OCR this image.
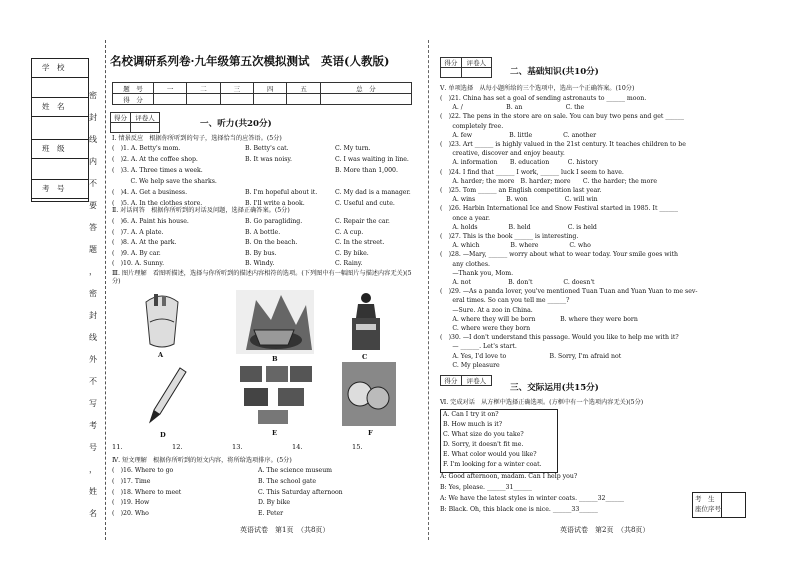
学　校
姓　名
班　级
考　号
密
封
线
内
不
要
答
题
，
密
封
线
外
不
写
考
号
，
姓
名
名校调研系列卷·九年级第五次模拟测试　英语(人教版)
题　号	一	二	三	四	五	总　分
得　分						
得分	评卷人

一、听力(共20分)
Ⅰ. 情景反应　根据你所听到的句子，选择恰当的应答语。(5分)
(　)1. A. Betty's mom.	B. Betty's cat.	C. My turn.
(　)2. A. At the coffee shop.	B. It was noisy.	C. I was waiting in line.
(　)3. A. Three times a week.	B. More than 1,000.
　　　C. We help save the sharks.
(　)4. A. Get a business.	B. I'm hopeful about it.	C. My dad is a manager.
(　)5. A. In the clothes store.	B. I'll write a book.	C. Useful and cute.
Ⅱ. 对话问答　根据你所听到的对话及问题，选择正确答案。(5分)
(　)6. A. Paint his house.	B. Go paragliding.	C. Repair the car.
(　)7. A. A plate.	B. A bottle.	C. A cup.
(　)8. A. At the park.	B. On the beach.	C. In the street.
(　)9. A. By car.	B. By bus.	C. By bike.
(　)10. A. Sunny.	B. Windy.	C. Rainy.
Ⅲ. 图片理解　看图听描述，选择与你所听到的描述内容相符的选项。(下列图中有一幅图片与描述内容无关)(5分)
A	B	C
D	E	F
11.	12.	13.	14.	15.
Ⅳ. 短文理解　根据你所听到的短文内容，将所给选项排序。(5分)
(　)16. Where to go	A. The science museum
(　)17. Time	B. The school gate
(　)18. Where to meet	C. This Saturday afternoon
(　)19. How	D. By bike
(　)20. Who	E. Peter
英语试卷　第1页　（共8页）
得分	评卷人

二、基础知识(共10分)
Ⅴ. 单项选择　从每小题所给的三个选项中，选出一个正确答案。(10分)
(　)21. China has set a goal of sending astronauts to ______ moon.
　　A. /　　　　　　　B. an　　　　　　　C. the
(　)22. The pens in the store are on sale. You can buy two pens and get ______
　　completely free.
　　A. few　　　　　　B. little　　　　　C. another
(　)23. Art ______ is highly valued in the 21st century. It teaches children to be
　　creative, discover and enjoy beauty.
　　A. information　　B. education　　　C. history
(　)24. I find that ______ I work, ______ luck I seem to have.
　　A. harder; the more　B. harder; more　　C. the harder; the more
(　)25. Tom ______ an English competition last year.
　　A. wins　　　　　B. won　　　　　　C. will win
(　)26. Harbin International Ice and Snow Festival started in 1985. It ______
　　once a year.
　　A. holds　　　　　B. held　　　　　　C. is held
(　)27. This is the book ______ is interesting.
　　A. which　　　　　B. where　　　　　C. who
(　)28. —Mary, ______ worry about what to wear today. Your smile goes with
　　any clothes.
　　—Thank you, Mom.
　　A. not　　　　　　B. don't　　　　　C. doesn't
(　)29. —As a panda lover, you've mentioned Tuan Tuan and Yuan Yuan to me sev-
　　eral times. So can you tell me ______?
　　—Sure. At a zoo in China.
　　A. where they will be born　　　　B. where they were born
　　C. where were they born
(　)30. —I don't understand this passage. Would you like to help me with it?
　　— ______. Let's start.
　　A. Yes, I'd love to　　　　　　　B. Sorry, I'm afraid not
　　C. My pleasure
得分	评卷人
三、交际运用(共15分)
Ⅵ. 完成对话　从方框中选择正确选项。(方框中有一个选项内容无关)(5分)
A. Can I try it on?
B. How much is it?
C. What size do you take?
D. Sorry, it doesn't fit me.
E. What color would you like?
F. I'm looking for a winter coat.
A: Good afternoon, madam. Can I help you?
B: Yes, please. ______31______
A: We have the latest styles in winter coats. ______32______
B: Black. Oh, this black one is nice. ______33______
考　生
座位序号
英语试卷　第2页　（共8页）
